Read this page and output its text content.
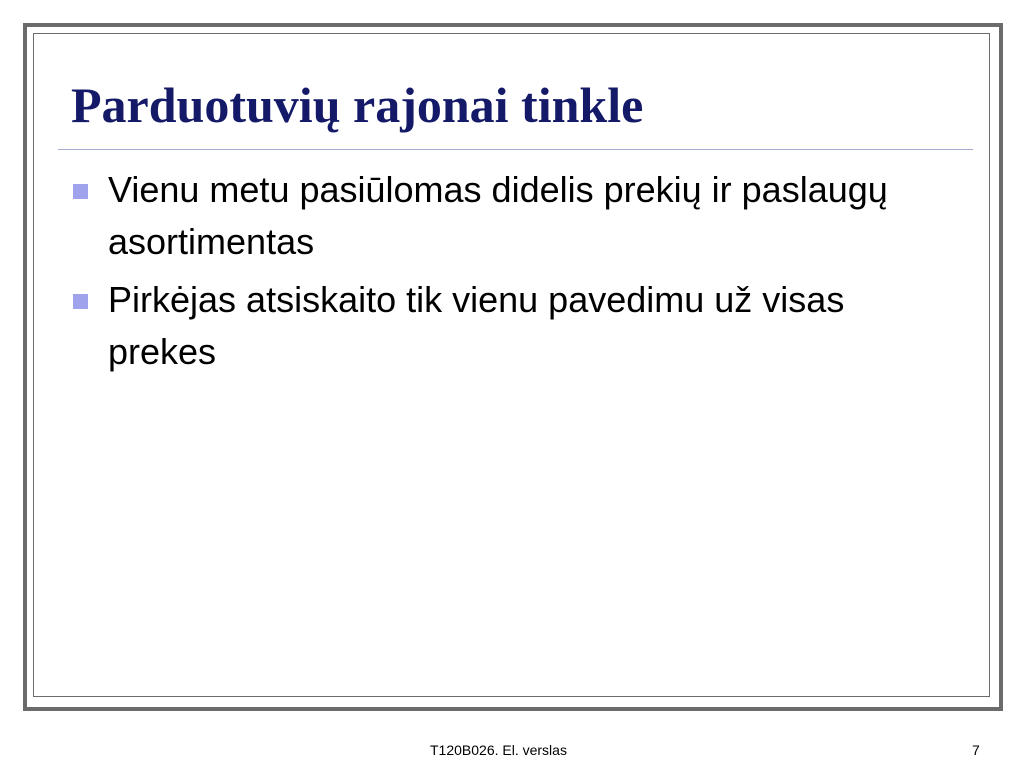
Parduotuvių rajonai tinkle
Vienu metu pasiūlomas didelis prekių ir paslaugų asortimentas
Pirkėjas atsiskaito tik vienu pavedimu už visas prekes
T120B026. El. verslas	7
